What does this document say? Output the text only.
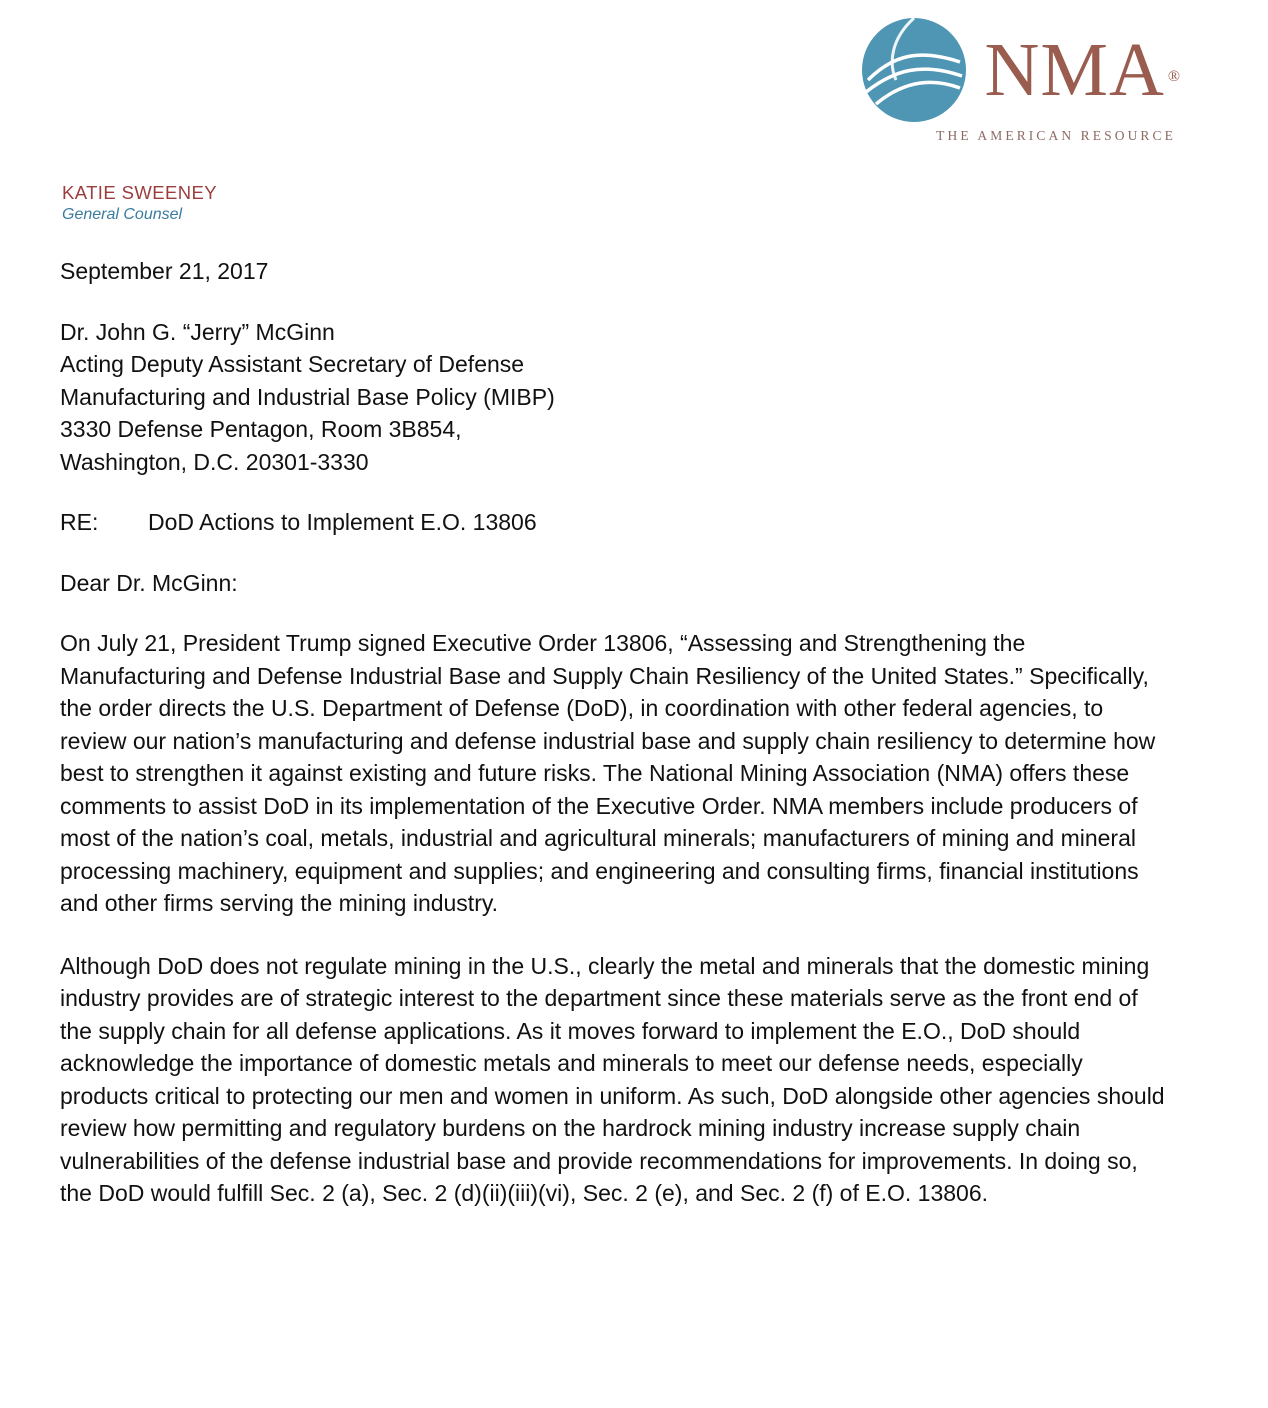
NMA ®
THE AMERICAN RESOURCE
KATIE SWEENEY
General Counsel
September 21, 2017
Dr. John G. “Jerry” McGinn
Acting Deputy Assistant Secretary of Defense
Manufacturing and Industrial Base Policy (MIBP)
3330 Defense Pentagon, Room 3B854,
Washington, D.C. 20301-3330
RE:	DoD Actions to Implement E.O. 13806
Dear Dr. McGinn:

On July 21, President Trump signed Executive Order 13806, “Assessing and Strengthening the Manufacturing and Defense Industrial Base and Supply Chain Resiliency of the United States.” Specifically, the order directs the U.S. Department of Defense (DoD), in coordination with other federal agencies, to review our nation’s manufacturing and defense industrial base and supply chain resiliency to determine how best to strengthen it against existing and future risks. The National Mining Association (NMA) offers these comments to assist DoD in its implementation of the Executive Order. NMA members include producers of most of the nation’s coal, metals, industrial and agricultural minerals; manufacturers of mining and mineral processing machinery, equipment and supplies; and engineering and consulting firms, financial institutions and other firms serving the mining industry.

Although DoD does not regulate mining in the U.S., clearly the metal and minerals that the domestic mining industry provides are of strategic interest to the department since these materials serve as the front end of the supply chain for all defense applications. As it moves forward to implement the E.O., DoD should acknowledge the importance of domestic metals and minerals to meet our defense needs, especially products critical to protecting our men and women in uniform. As such, DoD alongside other agencies should review how permitting and regulatory burdens on the hardrock mining industry increase supply chain vulnerabilities of the defense industrial base and provide recommendations for improvements. In doing so, the DoD would fulfill Sec. 2 (a), Sec. 2 (d)(ii)(iii)(vi), Sec. 2 (e), and Sec. 2 (f) of E.O. 13806.
